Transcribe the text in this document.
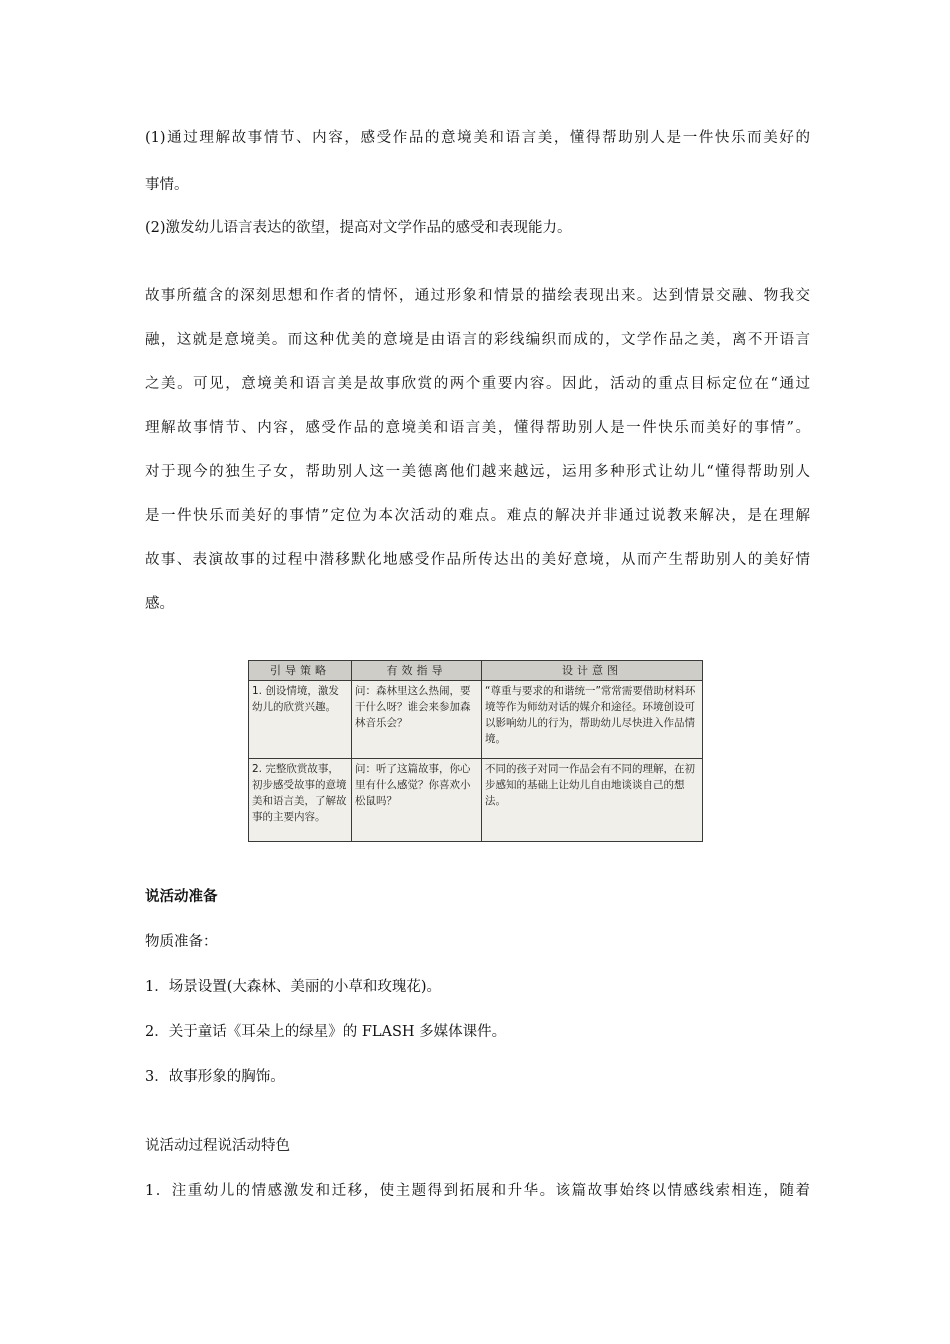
(1)通过理解故事情节、内容，感受作品的意境美和语言美，懂得帮助别人是一件快乐而美好的
事情。
(2)激发幼儿语言表达的欲望，提高对文学作品的感受和表现能力。
故事所蕴含的深刻思想和作者的情怀，通过形象和情景的描绘表现出来。达到情景交融、物我交
融，这就是意境美。而这种优美的意境是由语言的彩线编织而成的，文学作品之美，离不开语言
之美。可见，意境美和语言美是故事欣赏的两个重要内容。因此，活动的重点目标定位在“通过
理解故事情节、内容，感受作品的意境美和语言美，懂得帮助别人是一件快乐而美好的事情”。
对于现今的独生子女，帮助别人这一美德离他们越来越远，运用多种形式让幼儿“懂得帮助别人
是一件快乐而美好的事情”定位为本次活动的难点。难点的解决并非通过说教来解决，是在理解
故事、表演故事的过程中潜移默化地感受作品所传达出的美好意境，从而产生帮助别人的美好情
感。
引导策略	有效指导	设计意图
1. 创设情境，激发幼儿的欣赏兴趣。	问：森林里这么热闹，要干什么呀？谁会来参加森林音乐会？	“尊重与要求的和谐统一”常常需要借助材料环境等作为师幼对话的媒介和途径。环境创设可以影响幼儿的行为，帮助幼儿尽快进入作品情境。
2. 完整欣赏故事，初步感受故事的意境美和语言美，了解故事的主要内容。	问：听了这篇故事，你心里有什么感觉？你喜欢小松鼠吗？	不同的孩子对同一作品会有不同的理解，在初步感知的基础上让幼儿自由地谈谈自己的想法。
说活动准备
物质准备：
1．场景设置(大森林、美丽的小草和玫瑰花)。
2．关于童话《耳朵上的绿星》的 FLASH 多媒体课件。
3．故事形象的胸饰。
说活动过程说活动特色
1．注重幼儿的情感激发和迁移，使主题得到拓展和升华。该篇故事始终以情感线索相连，随着
